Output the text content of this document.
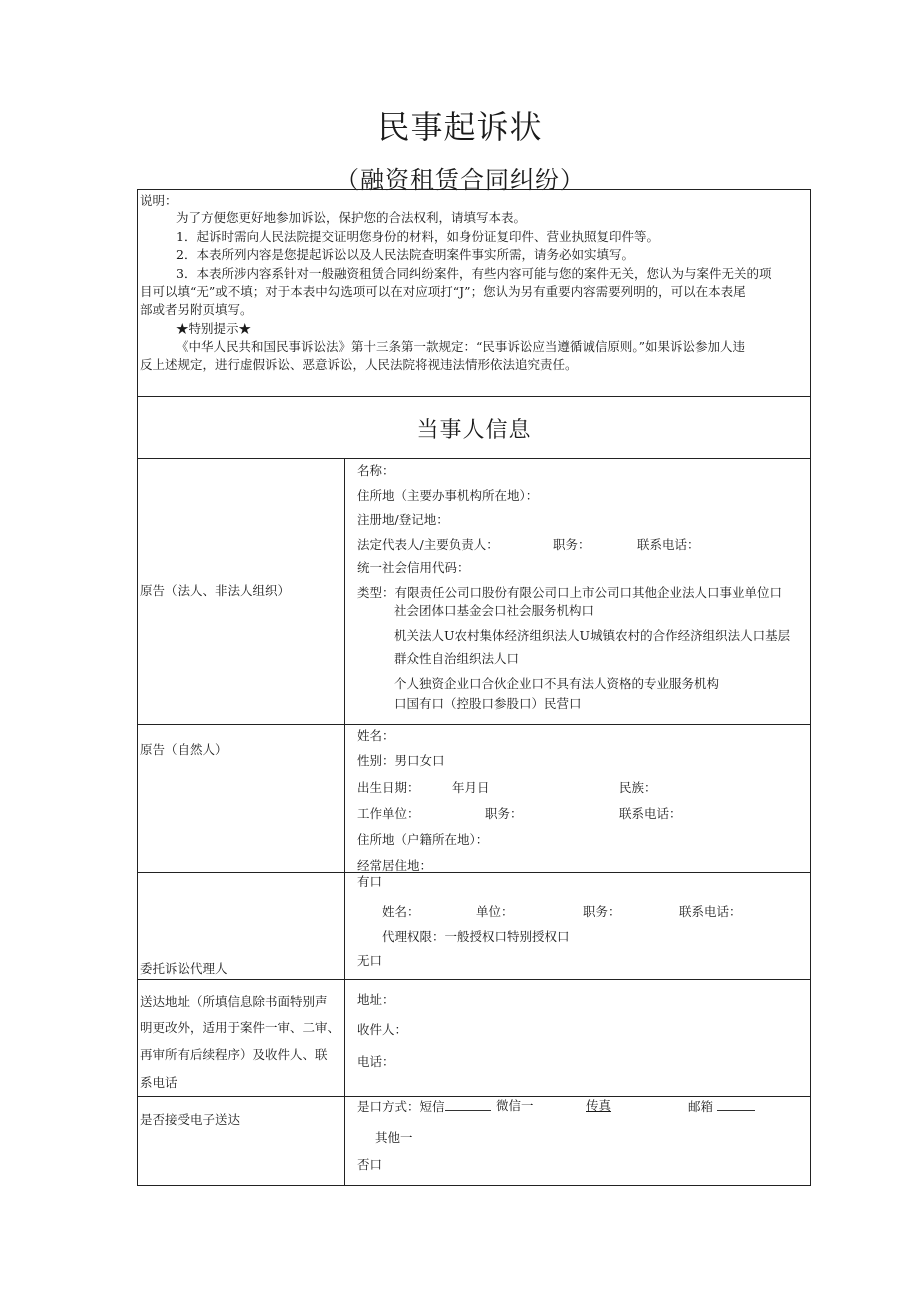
民事起诉状
（融资租赁合同纠纷）
说明：
为了方便您更好地参加诉讼，保护您的合法权利，请填写本表。
1．起诉时需向人民法院提交证明您身份的材料，如身份证复印件、营业执照复印件等。
2．本表所列内容是您提起诉讼以及人民法院查明案件事实所需，请务必如实填写。
3．本表所涉内容系针对一般融资租赁合同纠纷案件，有些内容可能与您的案件无关，您认为与案件无关的项
目可以填“无”或不填；对于本表中勾选项可以在对应项打“J”；您认为另有重要内容需要列明的，可以在本表尾
部或者另附页填写。
★特别提示★
《中华人民共和国民事诉讼法》第十三条第一款规定：“民事诉讼应当遵循诚信原则。”如果诉讼参加人违
反上述规定，进行虚假诉讼、恶意诉讼，人民法院将视违法情形依法追究责任。
当事人信息
原告（法人、非法人组织）
名称：
住所地（主要办事机构所在地）：
注册地/登记地：
法定代表人/主要负责人：	职务：	联系电话：
统一社会信用代码：
类型：有限责任公司口股份有限公司口上市公司口其他企业法人口事业单位口
社会团体口基金会口社会服务机构口
机关法人U农村集体经济组织法人U城镇农村的合作经济组织法人口基层
群众性自治组织法人口
个人独资企业口合伙企业口不具有法人资格的专业服务机构
口国有口（控股口参股口）民营口
原告（自然人）
姓名：
性别：男口女口
出生日期：	年月日	民族：
工作单位：	职务：	联系电话：
住所地（户籍所在地）：
经常居住地：
委托诉讼代理人
有口
姓名：	单位：	职务：	联系电话：
代理权限：一般授权口特别授权口
无口
送达地址（所填信息除书面特别声
明更改外，适用于案件一审、二审、
再审所有后续程序）及收件人、联
系电话
地址：
收件人：
电话：
是否接受电子送达
是口方式：短信	微信一	传真	邮箱
其他一
否口
